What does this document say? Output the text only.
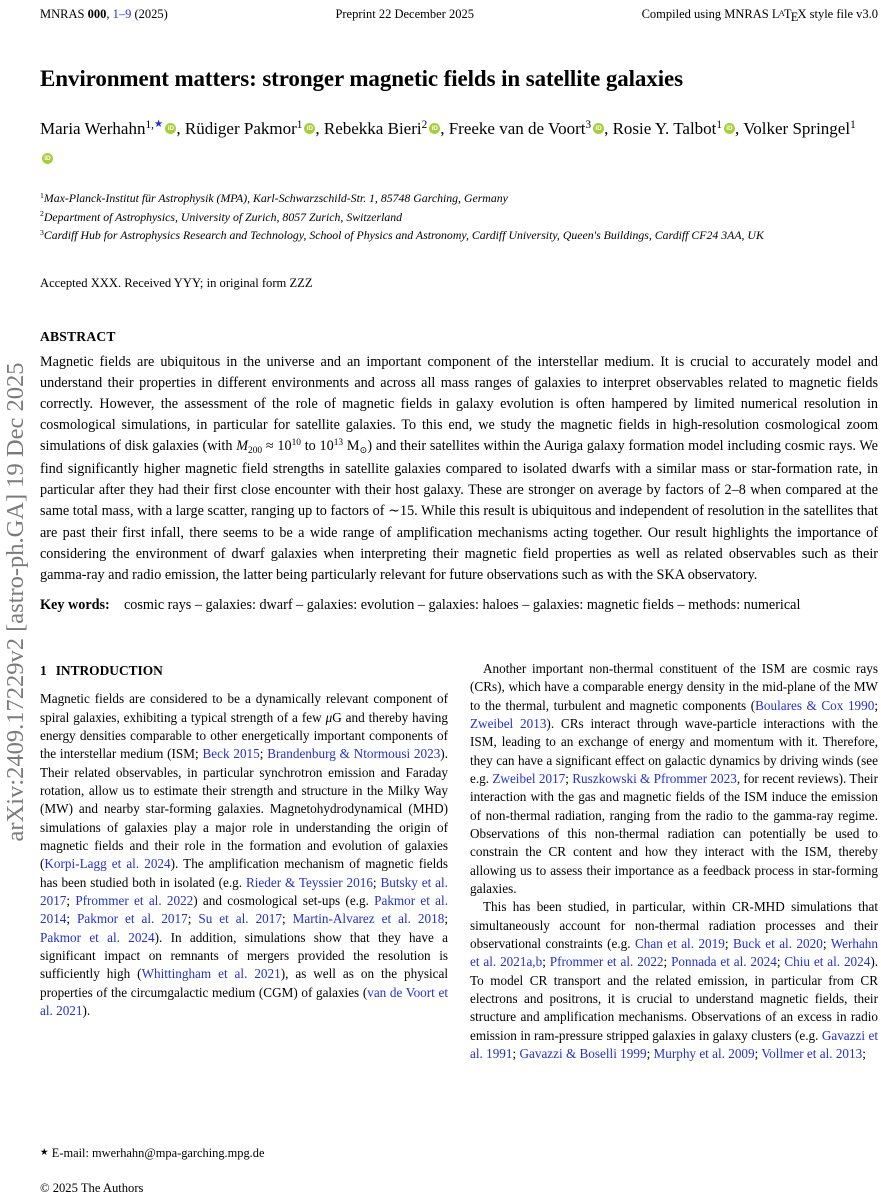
arXiv:2409.17229v2 [astro-ph.GA] 19 Dec 2025
MNRAS 000, 1–9 (2025)	Preprint 22 December 2025	Compiled using MNRAS LATEX style file v3.0
Environment matters: stronger magnetic fields in satellite galaxies
Maria Werhahn$^{1,★}$ iD , Rüdiger Pakmor$^1$ iD , Rebekka Bieri$^2$ iD , Freeke van de Voort$^3$ iD , Rosie Y. Talbot$^1$ iD , Volker Springel$^1$iD
$^1$Max-Planck-Institut für Astrophysik (MPA), Karl-Schwarzschild-Str. 1, 85748 Garching, Germany
$^2$Department of Astrophysics, University of Zurich, 8057 Zurich, Switzerland
$^3$Cardiff Hub for Astrophysics Research and Technology, School of Physics and Astronomy, Cardiff University, Queen's Buildings, Cardiff CF24 3AA, UK
Accepted XXX. Received YYY; in original form ZZZ
ABSTRACT
Magnetic fields are ubiquitous in the universe and an important component of the interstellar medium. It is crucial to accurately model and understand their properties in different environments and across all mass ranges of galaxies to interpret observables related to magnetic fields correctly. However, the assessment of the role of magnetic fields in galaxy evolution is often hampered by limited numerical resolution in cosmological simulations, in particular for satellite galaxies. To this end, we study the magnetic fields in high-resolution cosmological zoom simulations of disk galaxies (with $M200 \approx 10^{10}$ to $10^{13}$ M⊙) and their satellites within the Auriga galaxy formation model including cosmic rays. We find significantly higher magnetic field strengths in satellite galaxies compared to isolated dwarfs with a similar mass or star-formation rate, in particular after they had their first close encounter with their host galaxy. These are stronger on average by factors of 2–8 when compared at the same total mass, with a large scatter, ranging up to factors of ∼15. While this result is ubiquitous and independent of resolution in the satellites that are past their first infall, there seems to be a wide range of amplification mechanisms acting together. Our result highlights the importance of considering the environment of dwarf galaxies when interpreting their magnetic field properties as well as related observables such as their gamma-ray and radio emission, the latter being particularly relevant for future observations such as with the SKA observatory.
Key words:  cosmic rays – galaxies: dwarf – galaxies: evolution – galaxies: haloes – galaxies: magnetic fields – methods: numerical
1 INTRODUCTION

Magnetic fields are considered to be a dynamically relevant component of spiral galaxies, exhibiting a typical strength of a few μG and thereby having energy densities comparable to other energetically important components of the interstellar medium (ISM; Beck 2015; Brandenburg & Ntormousi 2023). Their related observables, in particular synchrotron emission and Faraday rotation, allow us to estimate their strength and structure in the Milky Way (MW) and nearby star-forming galaxies. Magnetohydrodynamical (MHD) simulations of galaxies play a major role in understanding the origin of magnetic fields and their role in the formation and evolution of galaxies (Korpi-Lagg et al. 2024). The amplification mechanism of magnetic fields has been studied both in isolated (e.g. Rieder & Teyssier 2016; Butsky et al. 2017; Pfrommer et al. 2022) and cosmological set-ups (e.g. Pakmor et al. 2014; Pakmor et al. 2017; Su et al. 2017; Martin-Alvarez et al. 2018; Pakmor et al. 2024). In addition, simulations show that they have a significant impact on remnants of mergers provided the resolution is sufficiently high (Whittingham et al. 2021), as well as on the physical properties of the circumgalactic medium (CGM) of galaxies (van de Voort et al. 2021).

Another important non-thermal constituent of the ISM are cosmic rays (CRs), which have a comparable energy density in the mid-plane of the MW to the thermal, turbulent and magnetic components (Boulares & Cox 1990; Zweibel 2013). CRs interact through wave-particle interactions with the ISM, leading to an exchange of energy and momentum with it. Therefore, they can have a significant effect on galactic dynamics by driving winds (see e.g. Zweibel 2017; Ruszkowski & Pfrommer 2023, for recent reviews). Their interaction with the gas and magnetic fields of the ISM induce the emission of non-thermal radiation, ranging from the radio to the gamma-ray regime. Observations of this non-thermal radiation can potentially be used to constrain the CR content and how they interact with the ISM, thereby allowing us to assess their importance as a feedback process in star-forming galaxies.

This has been studied, in particular, within CR-MHD simulations that simultaneously account for non-thermal radiation processes and their observational constraints (e.g. Chan et al. 2019; Buck et al. 2020; Werhahn et al. 2021a,b; Pfrommer et al. 2022; Ponnada et al. 2024; Chiu et al. 2024). To model CR transport and the related emission, in particular from CR electrons and positrons, it is crucial to understand magnetic fields, their structure and amplification mechanisms. Observations of an excess in radio emission in ram-pressure stripped galaxies in galaxy clusters (e.g. Gavazzi et al. 1991; Gavazzi & Boselli 1999; Murphy et al. 2009; Vollmer et al. 2013;

★ E-mail: mwerhahn@mpa-garching.mpg.de
© 2025 The Authors
